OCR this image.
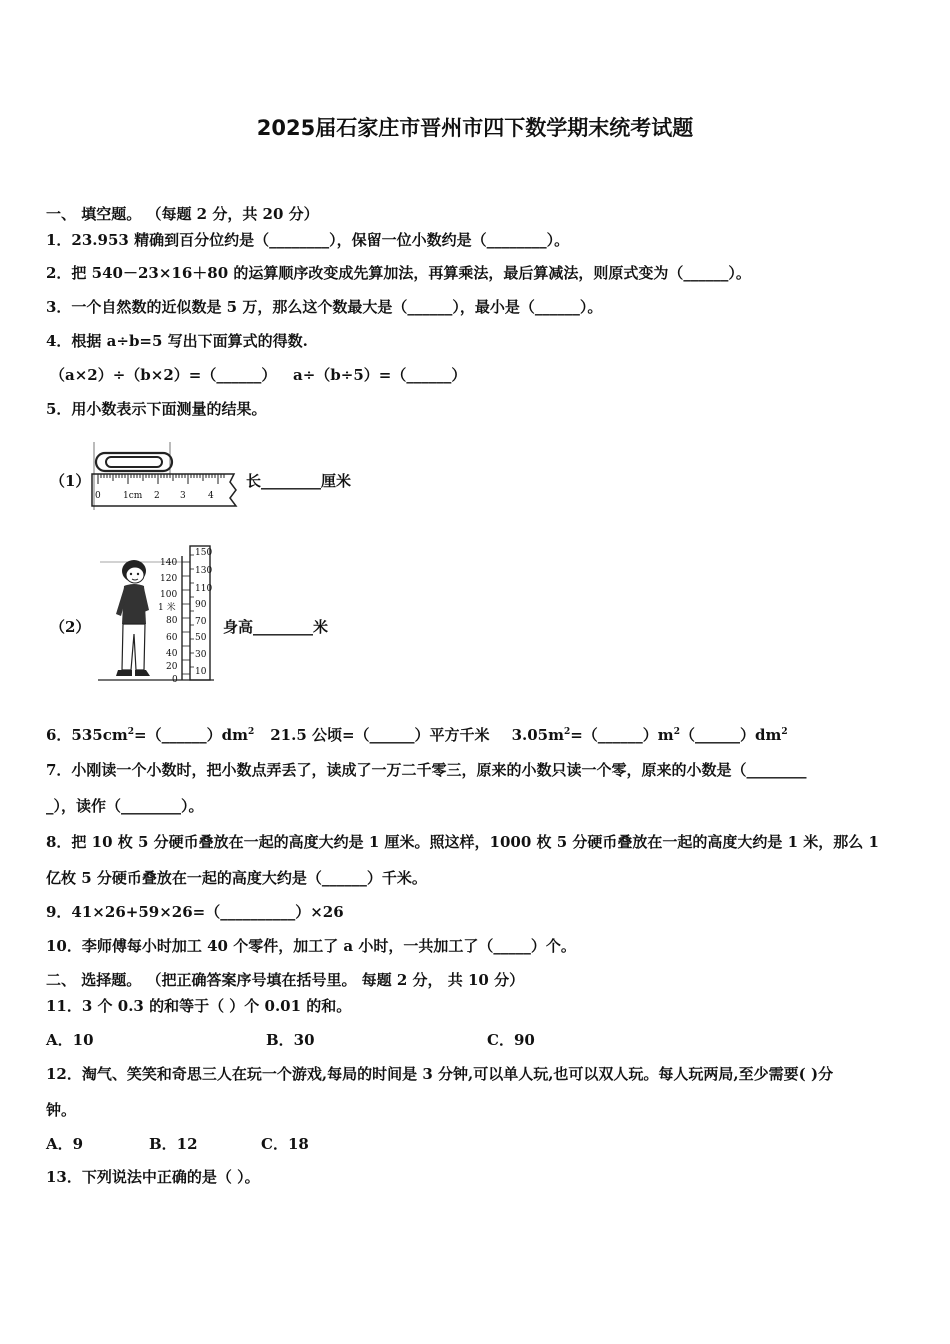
2025届石家庄市晋州市四下数学期末统考试题
一、 填空题。 （每题 2 分，共 20 分）
1．23.953 精确到百分位约是（________），保留一位小数约是（________）。
2．把 540－23×16＋80 的运算顺序改变成先算加法，再算乘法，最后算减法，则原式变为（______）。
3．一个自然数的近似数是 5 万，那么这个数最大是（______），最小是（______）。
4．根据 a÷b=5 写出下面算式的得数.
（a×2）÷（b×2）=（______） a÷（b÷5）=（______）
5．用小数表示下面测量的结果。
（1）
0 1cm 2 3 4
长________厘米
（2）
140
120
100
1 米
80
60
40
20
0
150
130
110
90
70
50
30
10
身高________米
6．$535cm^2=(\_\_\_\_\_\_)dm^2$ 21.5 公顷=（______）平方千米 $3.05m^2=(\_\_\_\_\_\_)m^2(\_\_\_\_\_\_)dm^2$
7．小刚读一个小数时，把小数点弄丢了，读成了一万二千零三，原来的小数只读一个零，原来的小数是（________
_），读作（________）。
8．把 10 枚 5 分硬币叠放在一起的高度大约是 1 厘米。照这样，1000 枚 5 分硬币叠放在一起的高度大约是 1 米，那么 1
亿枚 5 分硬币叠放在一起的高度大约是（______）千米。
9．41×26+59×26=（__________）×26
10．李师傅每小时加工 40 个零件，加工了 a 小时，一共加工了（_____）个。
二、 选择题。 （把正确答案序号填在括号里。 每题 2 分， 共 10 分）
11．3 个 0.3 的和等于（ ）个 0.01 的和。
A．10	B．30	C．90
12．淘气、笑笑和奇思三人在玩一个游戏,每局的时间是 3 分钟,可以单人玩,也可以双人玩。每人玩两局,至少需要( )分
钟。
A．9	B．12	C．18
13．下列说法中正确的是（ ）。
